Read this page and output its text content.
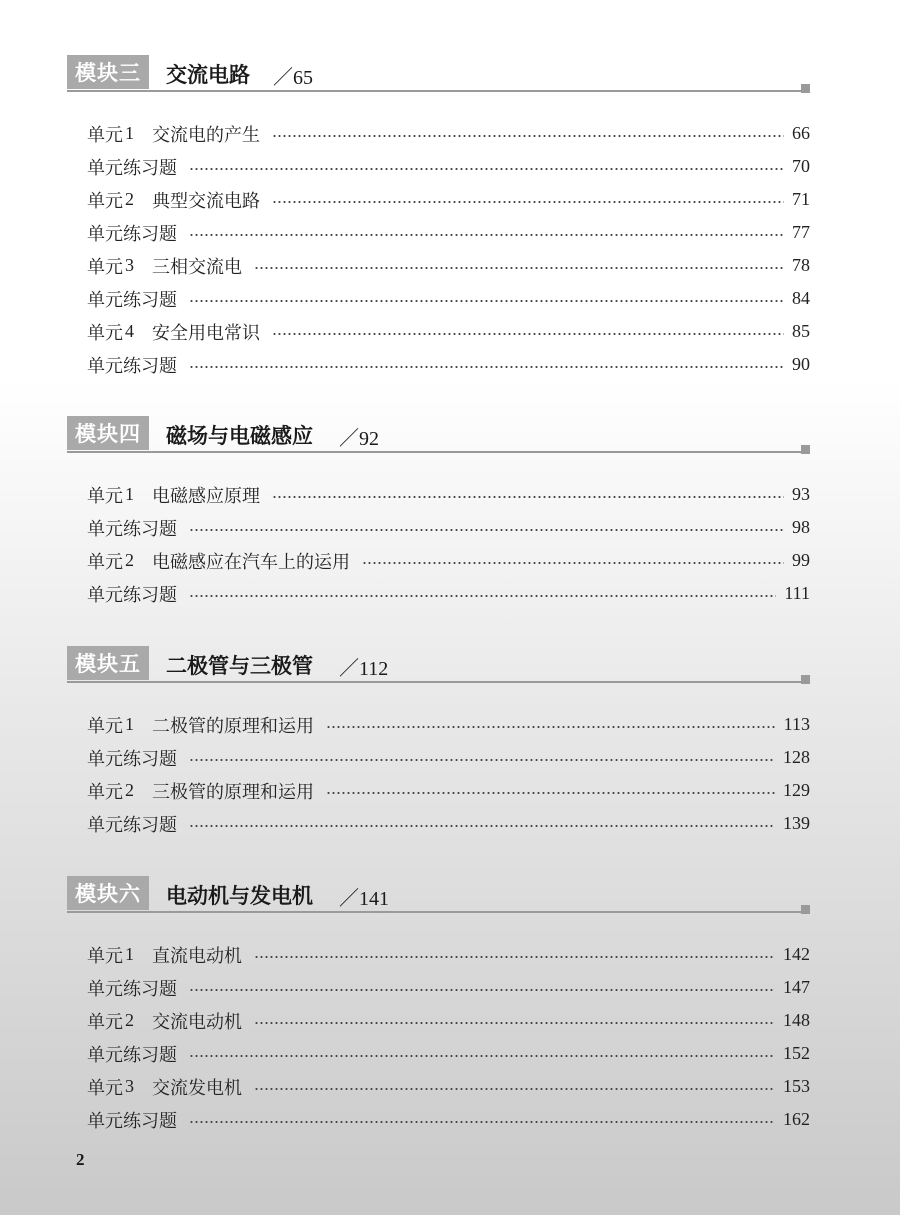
模块三	交流电路 ／65
单元 1 交流电的产生	66
单元练习题	70
单元 2 典型交流电路	71
单元练习题	77
单元 3 三相交流电	78
单元练习题	84
单元 4 安全用电常识	85
单元练习题	90
模块四	磁场与电磁感应 ／92
单元 1 电磁感应原理	93
单元练习题	98
单元 2 电磁感应在汽车上的运用	99
单元练习题	111
模块五	二极管与三极管 ／112
单元 1 二极管的原理和运用	113
单元练习题	128
单元 2 三极管的原理和运用	129
单元练习题	139
模块六	电动机与发电机 ／141
单元 1 直流电动机	142
单元练习题	147
单元 2 交流电动机	148
单元练习题	152
单元 3 交流发电机	153
单元练习题	162
2
